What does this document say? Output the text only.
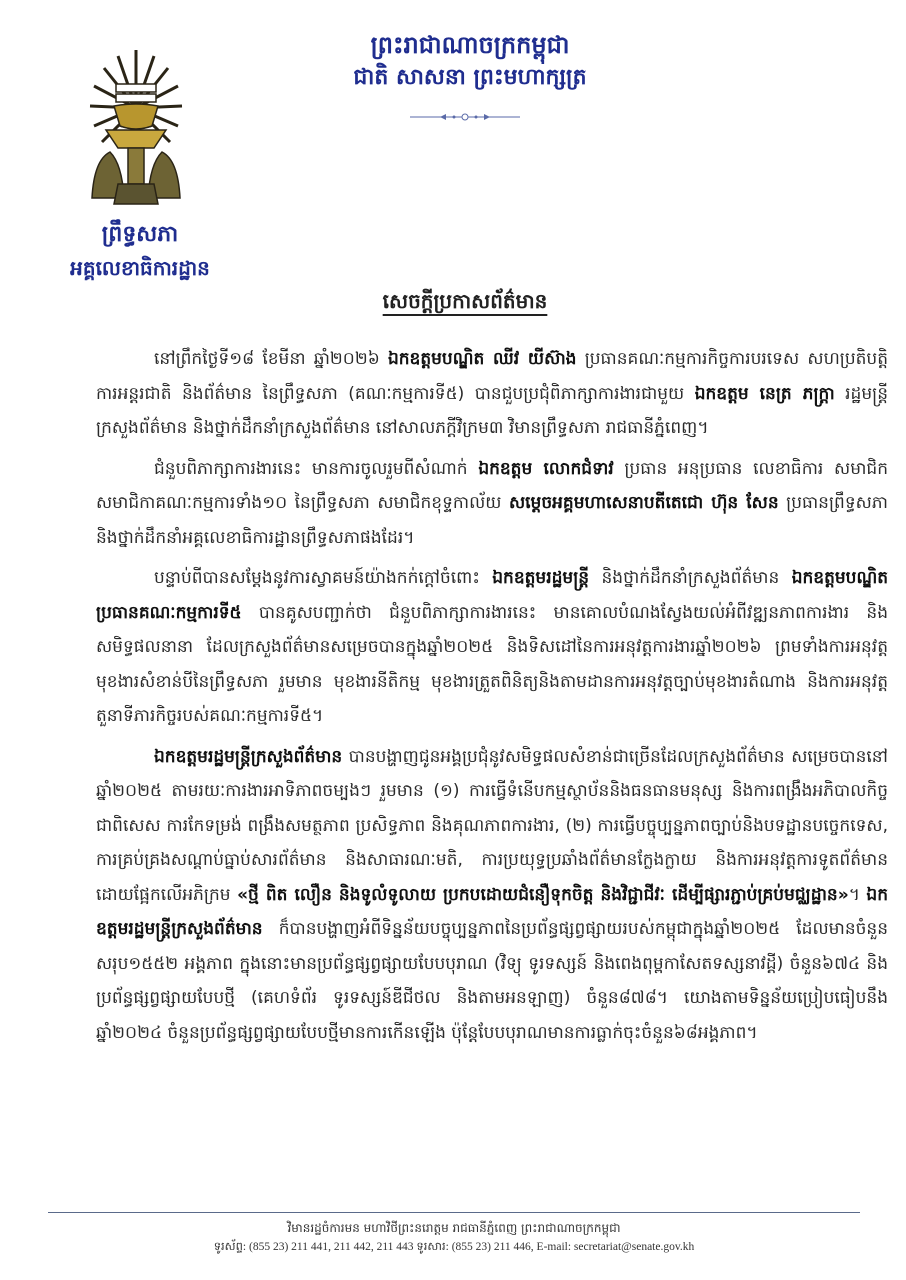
ព្រឹទ្ធសភា
អគ្គលេខាធិការដ្ឋាន
ព្រះរាជាណាចក្រកម្ពុជា
ជាតិ សាសនា ព្រះមហាក្សត្រ
សេចក្តីប្រកាសព័ត៌មាន

នៅព្រឹកថ្ងៃទី១៨ ខែមីនា ឆ្នាំ២០២៦ ឯកឧត្តមបណ្ឌិត ឈីវ យីស៊ាង ប្រធានគណៈកម្មការកិច្ចការបរទេស សហប្រតិបត្តិការអន្តរជាតិ និងព័ត៌មាន នៃព្រឹទ្ធសភា (គណៈកម្មការទី៥) បានជួបប្រជុំពិភាក្សាការងារជាមួយ ឯកឧត្តម នេត្រ ភក្ត្រា រដ្ឋមន្ត្រីក្រសួងព័ត៌មាន និងថ្នាក់ដឹកនាំក្រសួងព័ត៌មាន នៅសាលភក្តីវិក្រម៣ វិមានព្រឹទ្ធសភា រាជធានីភ្នំពេញ។

ជំនួបពិភាក្សាការងារនេះ មានការចូលរួមពីសំណាក់ ឯកឧត្តម លោកជំទាវ ប្រធាន អនុប្រធាន លេខាធិការ សមាជិក សមាជិកាគណៈកម្មការទាំង១០ នៃព្រឹទ្ធសភា សមាជិកខុទ្ទកាល័យ សម្តេចអគ្គមហាសេនាបតីតេជោ ហ៊ុន សែន ប្រធានព្រឹទ្ធសភា និងថ្នាក់ដឹកនាំអគ្គលេខាធិការដ្ឋានព្រឹទ្ធសភាផងដែរ។

បន្ទាប់ពីបានសម្តែងនូវការស្វាគមន៍យ៉ាងកក់ក្តៅចំពោះ ឯកឧត្តមរដ្ឋមន្ត្រី និងថ្នាក់ដឹកនាំក្រសួងព័ត៌មាន ឯកឧត្តមបណ្ឌិត ប្រធានគណៈកម្មការទី៥ បានគូសបញ្ជាក់ថា ជំនួបពិភាក្សាការងារនេះ មានគោលបំណងស្វែងយល់អំពីវឌ្ឍនភាពការងារ និងសមិទ្ធផលនានា ដែលក្រសួងព័ត៌មានសម្រេចបានក្នុងឆ្នាំ២០២៥ និងទិសដៅនៃការអនុវត្តការងារឆ្នាំ២០២៦ ព្រមទាំងការអនុវត្តមុខងារសំខាន់បីនៃព្រឹទ្ធសភា រួមមាន មុខងារនីតិកម្ម មុខងារត្រួតពិនិត្យនិងតាមដានការអនុវត្តច្បាប់មុខងារតំណាង និងការអនុវត្តតួនាទីភារកិច្ចរបស់គណៈកម្មការទី៥។

ឯកឧត្តមរដ្ឋមន្ត្រីក្រសួងព័ត៌មាន បានបង្ហាញជូនអង្គប្រជុំនូវសមិទ្ធផលសំខាន់ជាច្រើនដែលក្រសួងព័ត៌មាន សម្រេចបាននៅឆ្នាំ២០២៥ តាមរយៈការងារអាទិភាពចម្បងៗ រួមមាន (១) ការធ្វើទំនើបកម្មស្ថាប័ននិងធនធានមនុស្ស និងការពង្រឹងអភិបាលកិច្ច ជាពិសេស ការកែទម្រង់ ពង្រឹងសមត្ថភាព ប្រសិទ្ធភាព និងគុណភាពការងារ, (២) ការធ្វើបច្ចុប្បន្នភាពច្បាប់និងបទដ្ឋានបច្ចេកទេស, ការគ្រប់គ្រងសណ្តាប់ធ្នាប់សារព័ត៌មាន និងសាធារណៈមតិ, ការប្រយុទ្ធប្រឆាំងព័ត៌មានក្លែងក្លាយ និងការអនុវត្តការទូតព័ត៌មាន ដោយផ្អែកលើអភិក្រម «ថ្មី ពិត លឿន និងទូលំទូលាយ ប្រកបដោយជំនឿទុកចិត្ត និងវិជ្ជាជីវៈ ដើម្បីផ្សារភ្ជាប់គ្រប់មជ្ឈដ្ឋាន»។ ឯកឧត្តមរដ្ឋមន្ត្រីក្រសួងព័ត៌មាន ក៏បានបង្ហាញអំពីទិន្នន័យបច្ចុប្បន្នភាពនៃប្រព័ន្ធផ្សព្វផ្សាយរបស់កម្ពុជាក្នុងឆ្នាំ២០២៥ ដែលមានចំនួនសរុប១៥៥២ អង្គភាព ក្នុងនោះមានប្រព័ន្ធផ្សព្វផ្សាយបែបបុរាណ (វិទ្យុ ទូរទស្សន៍ និងពេងពុម្ពកាសែតទស្សនាវដ្តី) ចំនួន៦៧៤ និងប្រព័ន្ធផ្សព្វផ្សាយបែបថ្មី (គេហទំព័រ ទូរទស្សន៍ឌីជីថល និងតាមអនឡាញ) ចំនួន៨៧៨។ យោងតាមទិន្នន័យប្រៀបធៀបនឹងឆ្នាំ២០២៤ ចំនួនប្រព័ន្ធផ្សព្វផ្សាយបែបថ្មីមានការកើនឡើង ប៉ុន្តែបែបបុរាណមានការធ្លាក់ចុះចំនួន៦៨អង្គភាព។

វិមានរដ្ឋចំការមន មហាវិថីព្រះនរោត្តម រាជធានីភ្នំពេញ ព្រះរាជាណាចក្រកម្ពុជា
ទូរស័ព្ទ: (855 23) 211 441, 211 442, 211 443 ទូរសារ: (855 23) 211 446, E-mail: secretariat@senate.gov.kh
